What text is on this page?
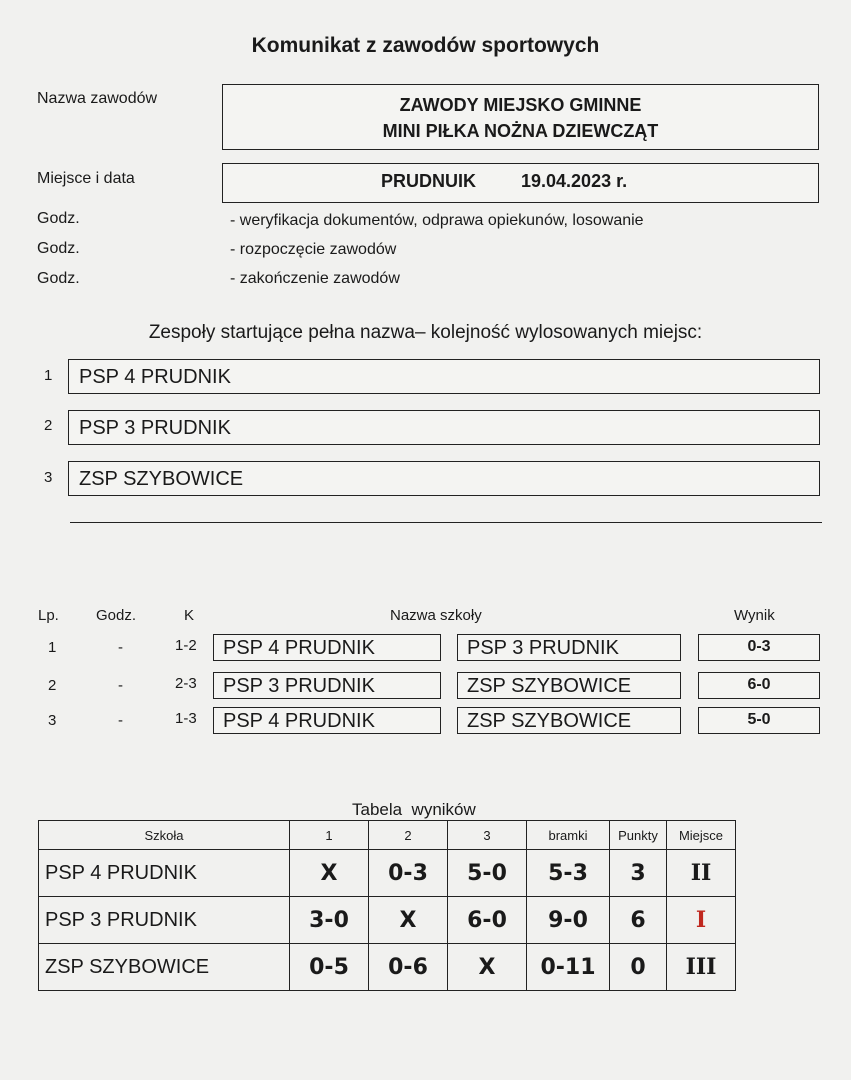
Komunikat z zawodów sportowych
Nazwa zawodów	ZAWODY MIEJSKO GMINNE
MINI PIŁKA NOŻNA DZIEWCZĄT
Miejsce i data	PRUDNUIK 19.04.2023 r.
Godz.	- weryfikacja dokumentów, odprawa opiekunów, losowanie
Godz.	- rozpoczęcie zawodów
Godz.	- zakończenie zawodów
Zespoły startujące pełna nazwa– kolejność wylosowanych miejsc:
1	PSP 4 PRUDNIK
2	PSP 3 PRUDNIK
3	ZSP SZYBOWICE
Lp. Godz.	K	Nazwa szkoły	Wynik
1	-	1-2	PSP 4 PRUDNIK	PSP 3 PRUDNIK	0-3
2	-	2-3	PSP 3 PRUDNIK	ZSP SZYBOWICE	6-0
3	-	1-3	PSP 4 PRUDNIK	ZSP SZYBOWICE	5-0
Tabela  wyników
Szkoła	1	2	3	bramki	Punkty	Miejsce
PSP 4 PRUDNIK	X	0-3	5-0	5-3	3	II
PSP 3 PRUDNIK	3-0	X	6-0	9-0	6	I
ZSP SZYBOWICE	0-5	0-6	X	0-11	0	III
